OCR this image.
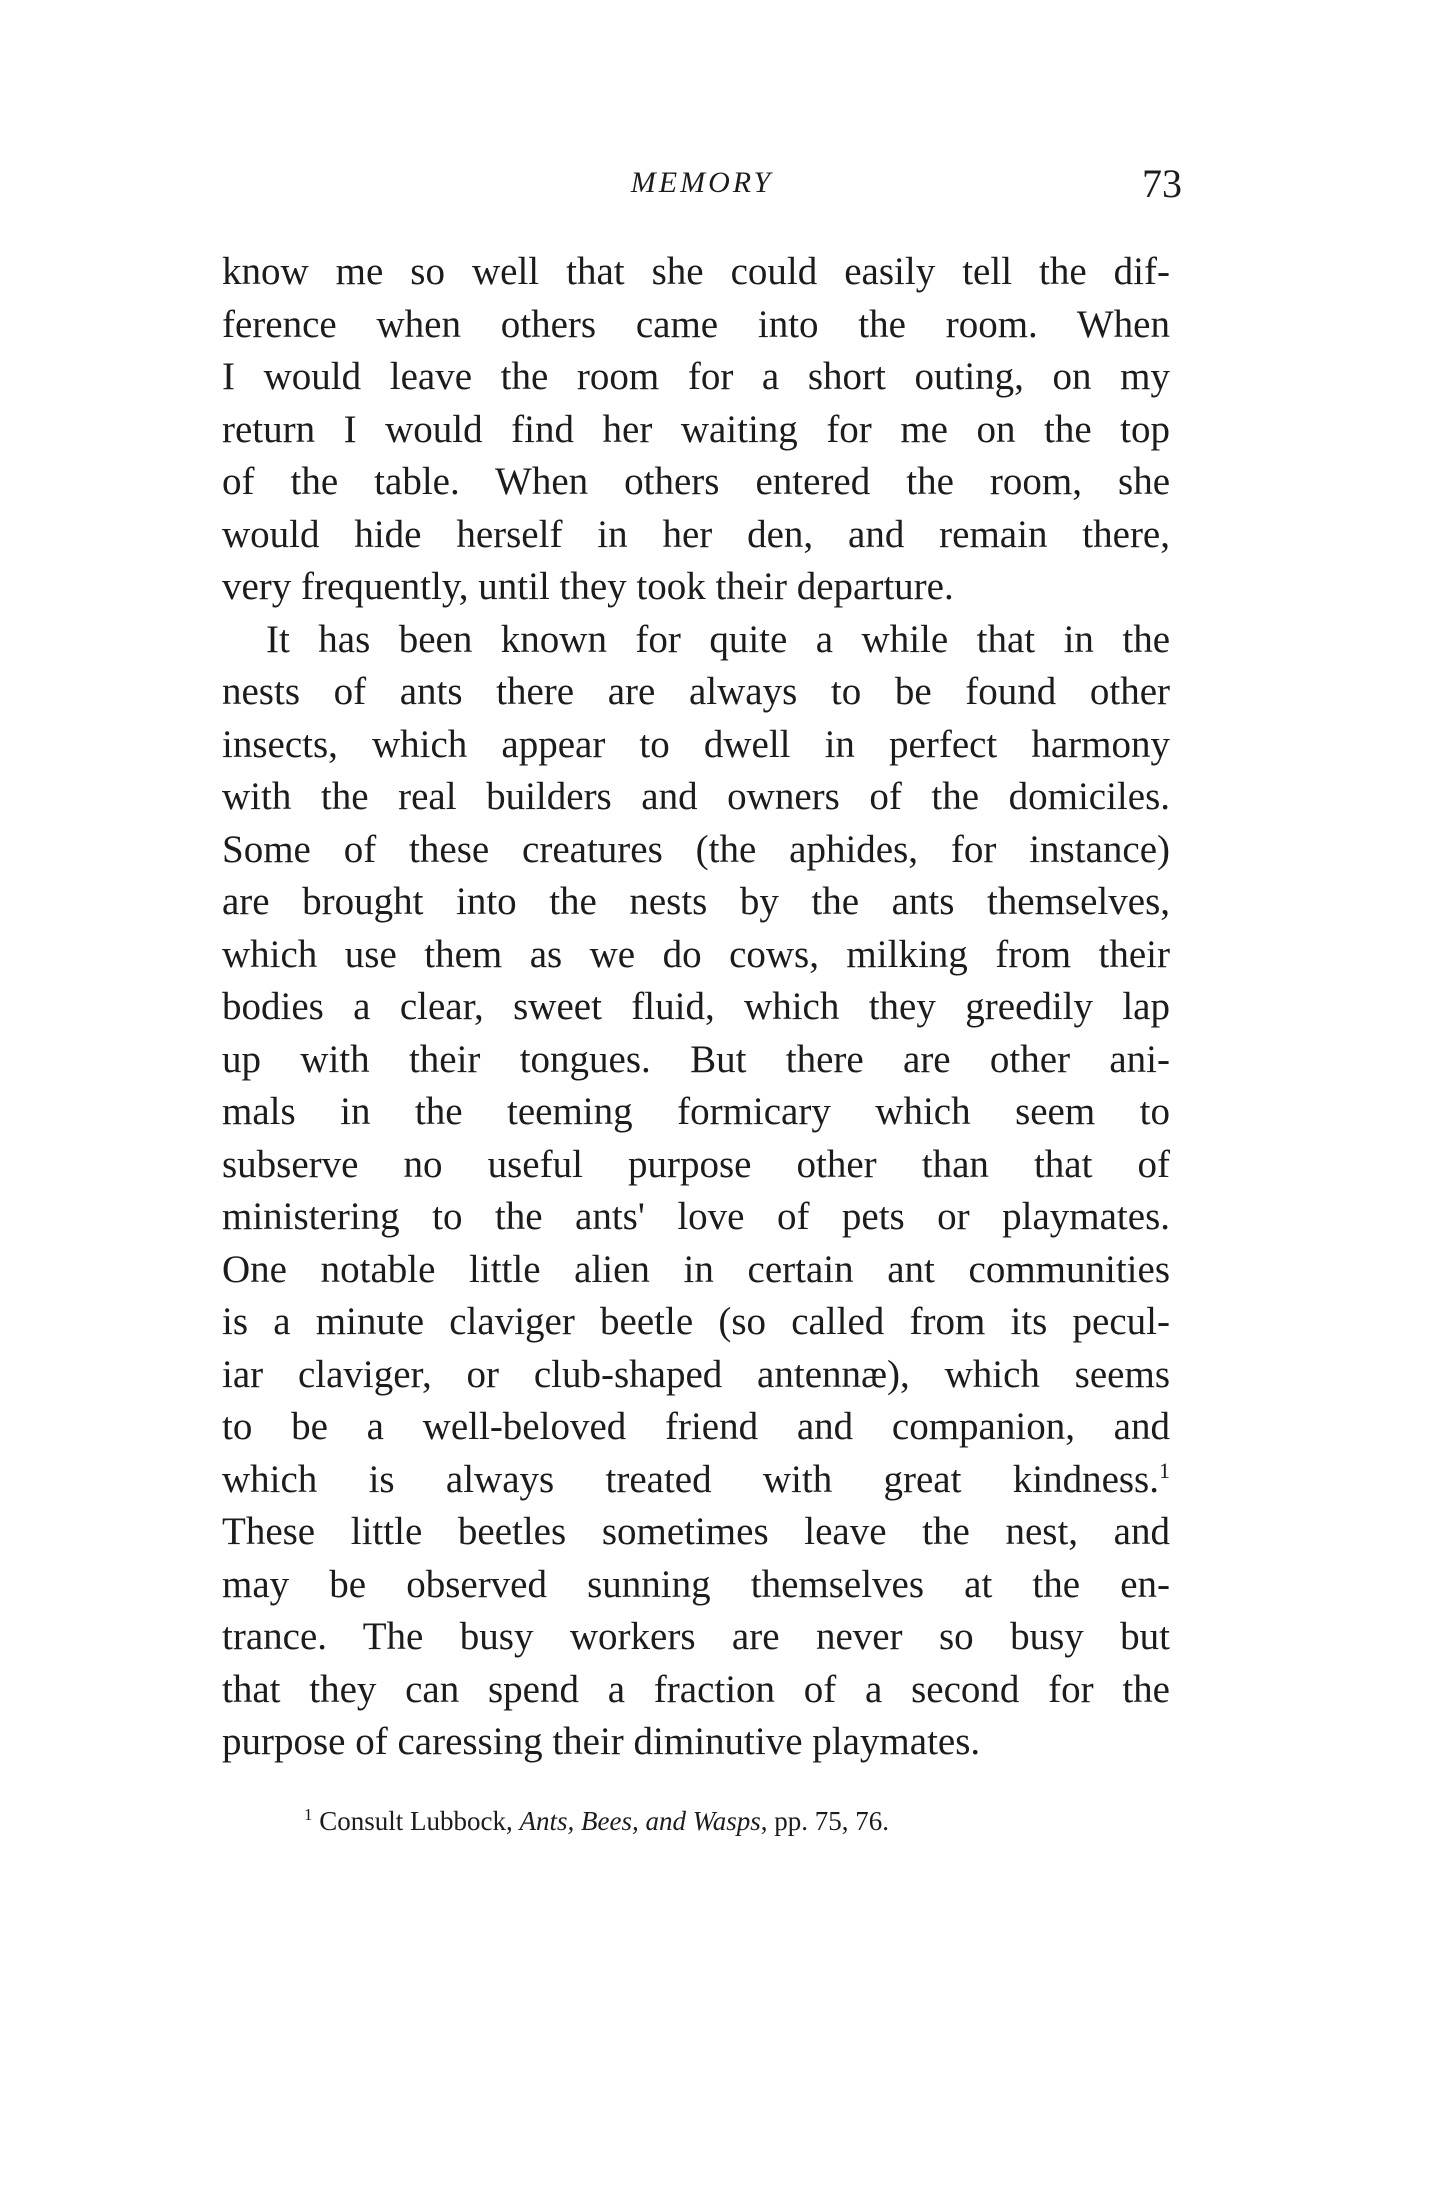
MEMORY	73
know me so well that she could easily tell the dif-
ference when others came into the room. When
I would leave the room for a short outing, on my
return I would find her waiting for me on the top
of the table. When others entered the room, she
would hide herself in her den, and remain there,
very frequently, until they took their departure.
It has been known for quite a while that in the
nests of ants there are always to be found other
insects, which appear to dwell in perfect harmony
with the real builders and owners of the domiciles.
Some of these creatures (the aphides, for instance)
are brought into the nests by the ants themselves,
which use them as we do cows, milking from their
bodies a clear, sweet fluid, which they greedily lap
up with their tongues. But there are other ani-
mals in the teeming formicary which seem to
subserve no useful purpose other than that of
ministering to the ants' love of pets or playmates.
One notable little alien in certain ant communities
is a minute claviger beetle (so called from its pecul-
iar claviger, or club-shaped antennæ), which seems
to be a well-beloved friend and companion, and
which is always treated with great kindness.$^1$
These little beetles sometimes leave the nest, and
may be observed sunning themselves at the en-
trance. The busy workers are never so busy but
that they can spend a fraction of a second for the
purpose of caressing their diminutive playmates.
$^1$ Consult Lubbock, Ants, Bees, and Wasps, pp. 75, 76.
